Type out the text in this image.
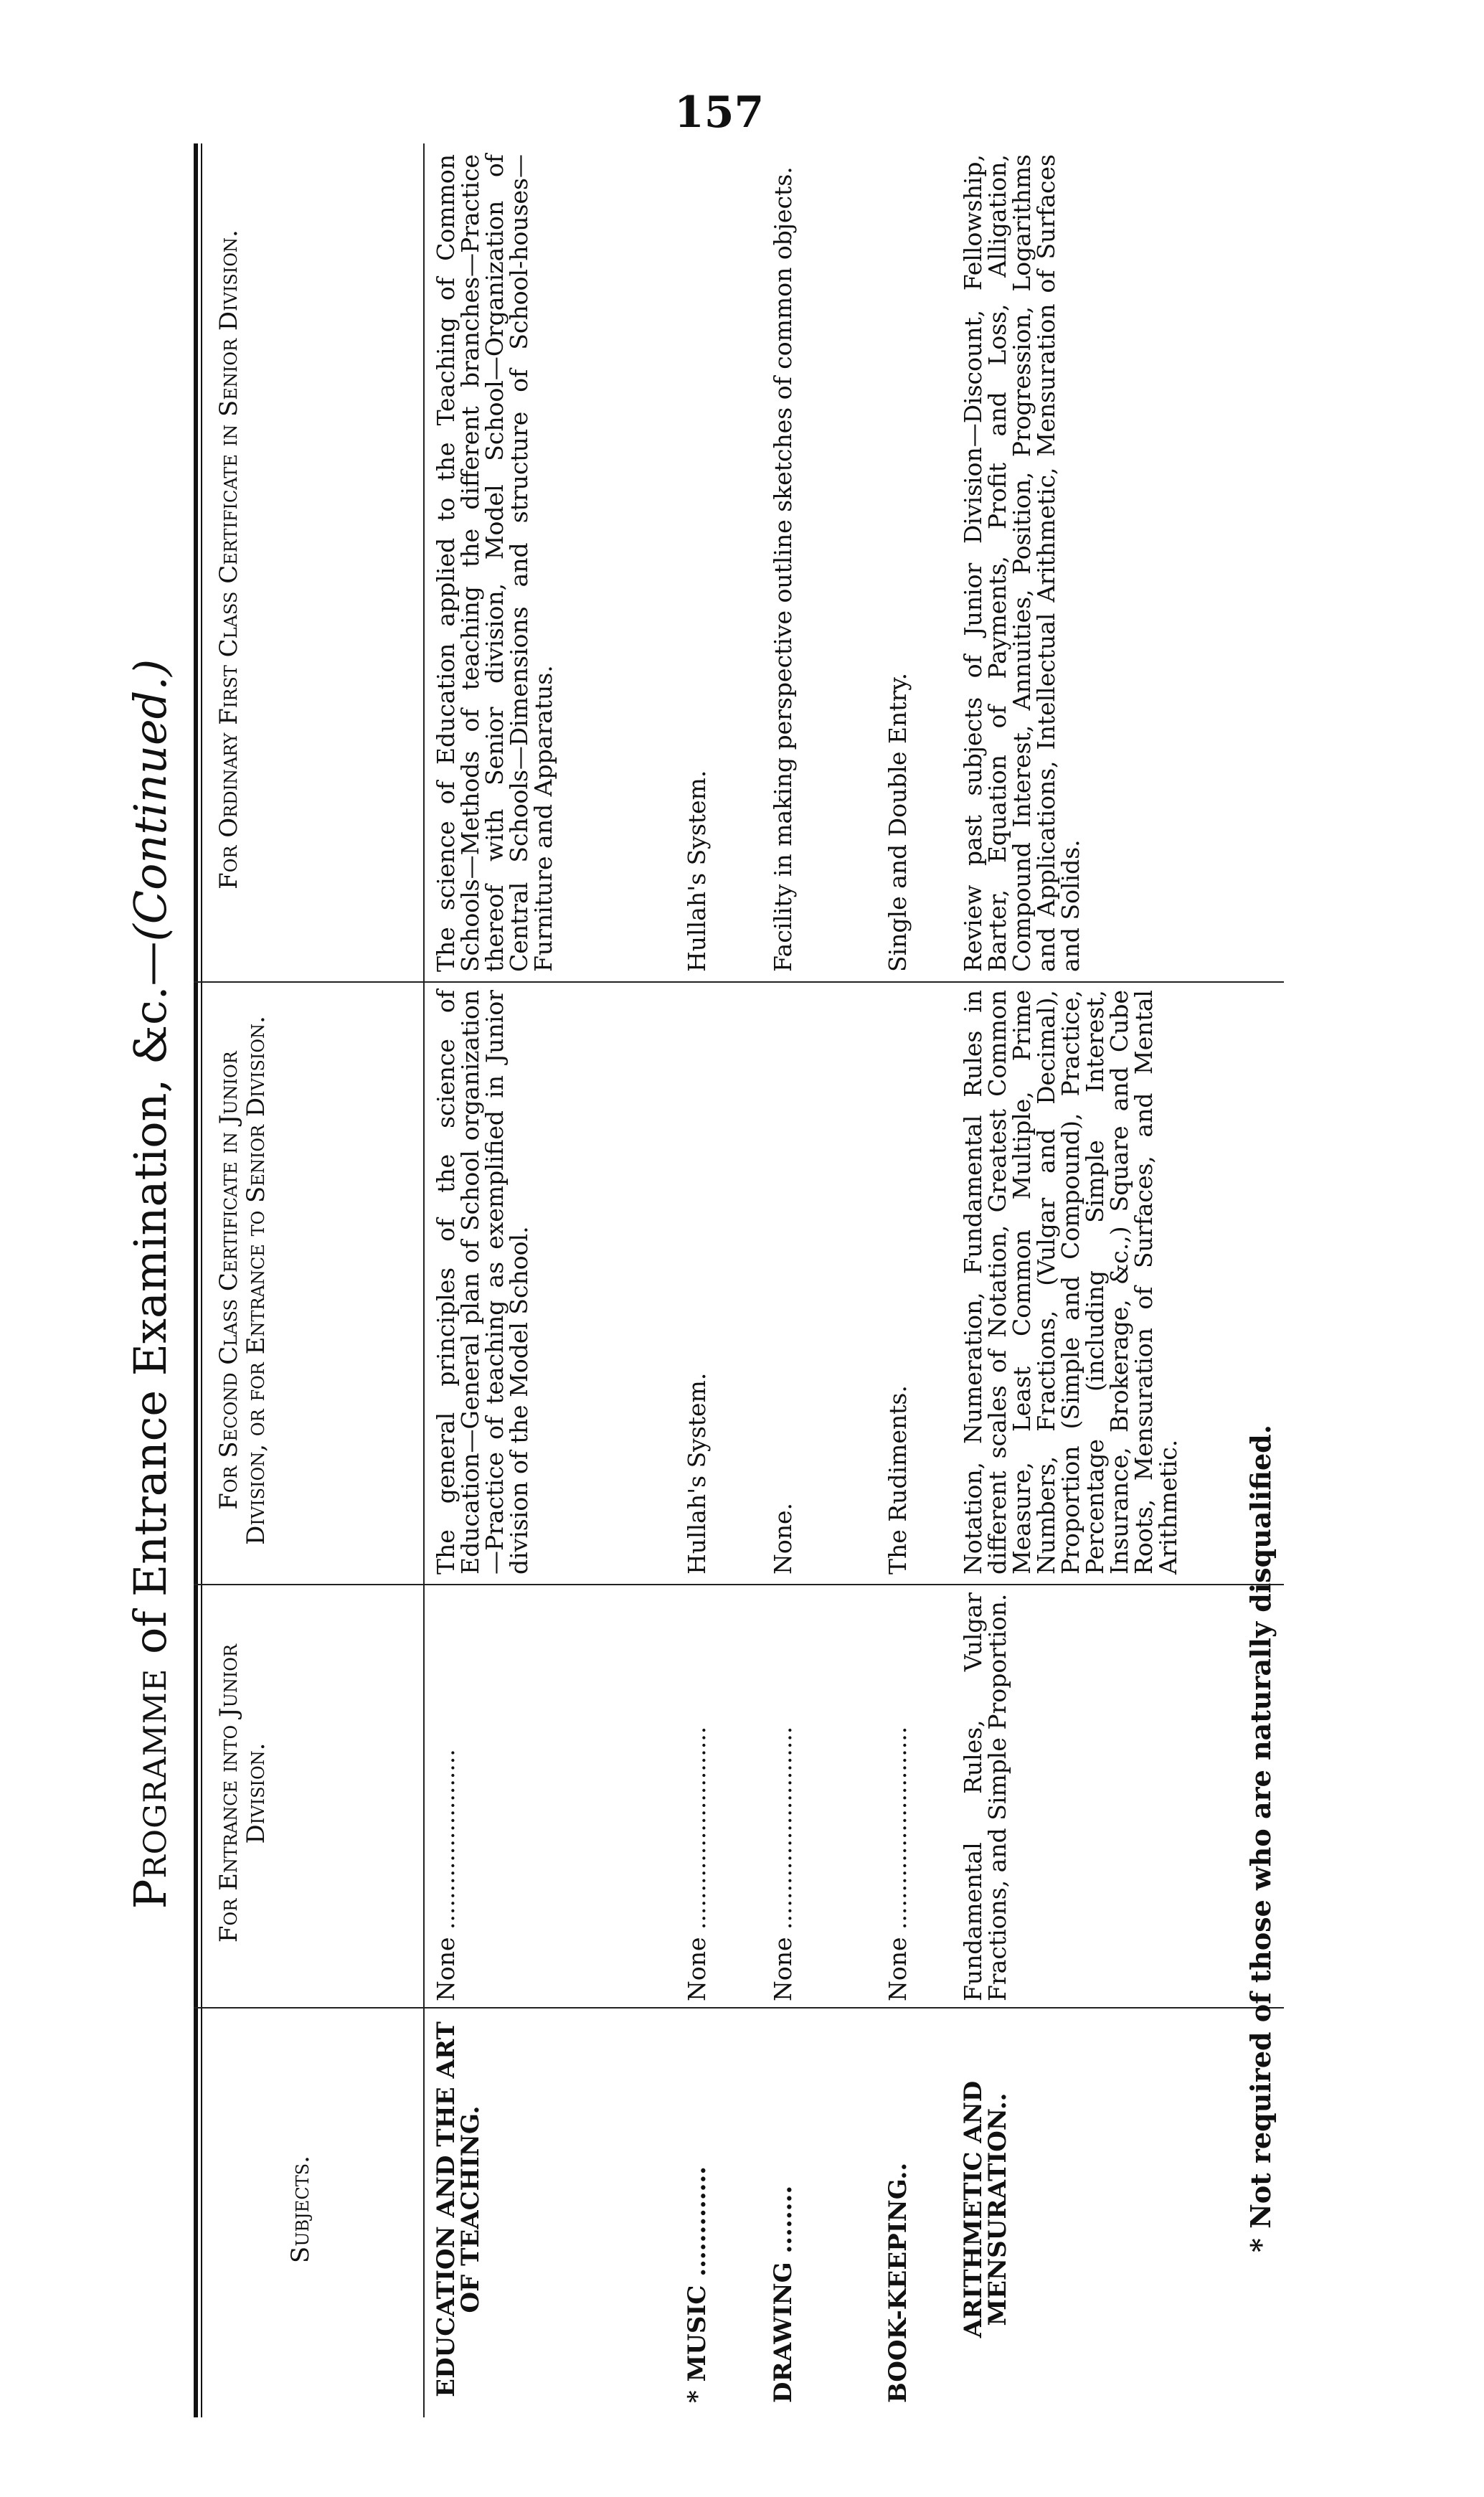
157
Programme of Entrance Examination, &c.—(Continued.)
Subjects.
For Entrance into Junior Division.
For Second Class Certificate in Junior Division, or for Entrance to Senior Division.
For Ordinary First Class Certificate in Senior Division.
EDUCATION AND THE ART OF TEACHING.
None ........................
The general principles of the science of Education—General plan of School organization—Practice of teaching as exemplified in Junior division of the Model School.
The science of Education applied to the Teaching of Common Schools—Methods of teaching the different branches—Practice thereof with Senior division, Model School—Organization of Central Schools—Dimensions and structure of School-houses—Furniture and Apparatus.
* MUSIC .............
None ...........................
Hullah's System.
Hullah's System.
DRAWING ........
None ...........................
None.
Facility in making perspective outline sketches of common objects.
BOOK-KEEPING..
None ...........................
The Rudiments.
Single and Double Entry.
ARITHMETIC AND MENSURATION..
Fundamental Rules, Vulgar Fractions, and Simple Proportion.
Notation, Numeration, Fundamental Rules in different scales of Notation, Greatest Common Measure, Least Common Multiple, Prime Numbers, Fractions, (Vulgar and Decimal), Proportion (Simple and Compound), Practice, Percentage (including Simple Interest, Insurance, Brokerage, &c.,) Square and Cube Roots, Mensuration of Surfaces, and Mental Arithmetic.
Review past subjects of Junior Division—Discount, Fellowship, Barter, Equation of Payments, Profit and Loss, Alligation, Compound Interest, Annuities, Position, Progression, Logarithms and Applications, Intellectual Arithmetic, Mensuration of Surfaces and Solids.
* Not required of those who are naturally disqualified.
